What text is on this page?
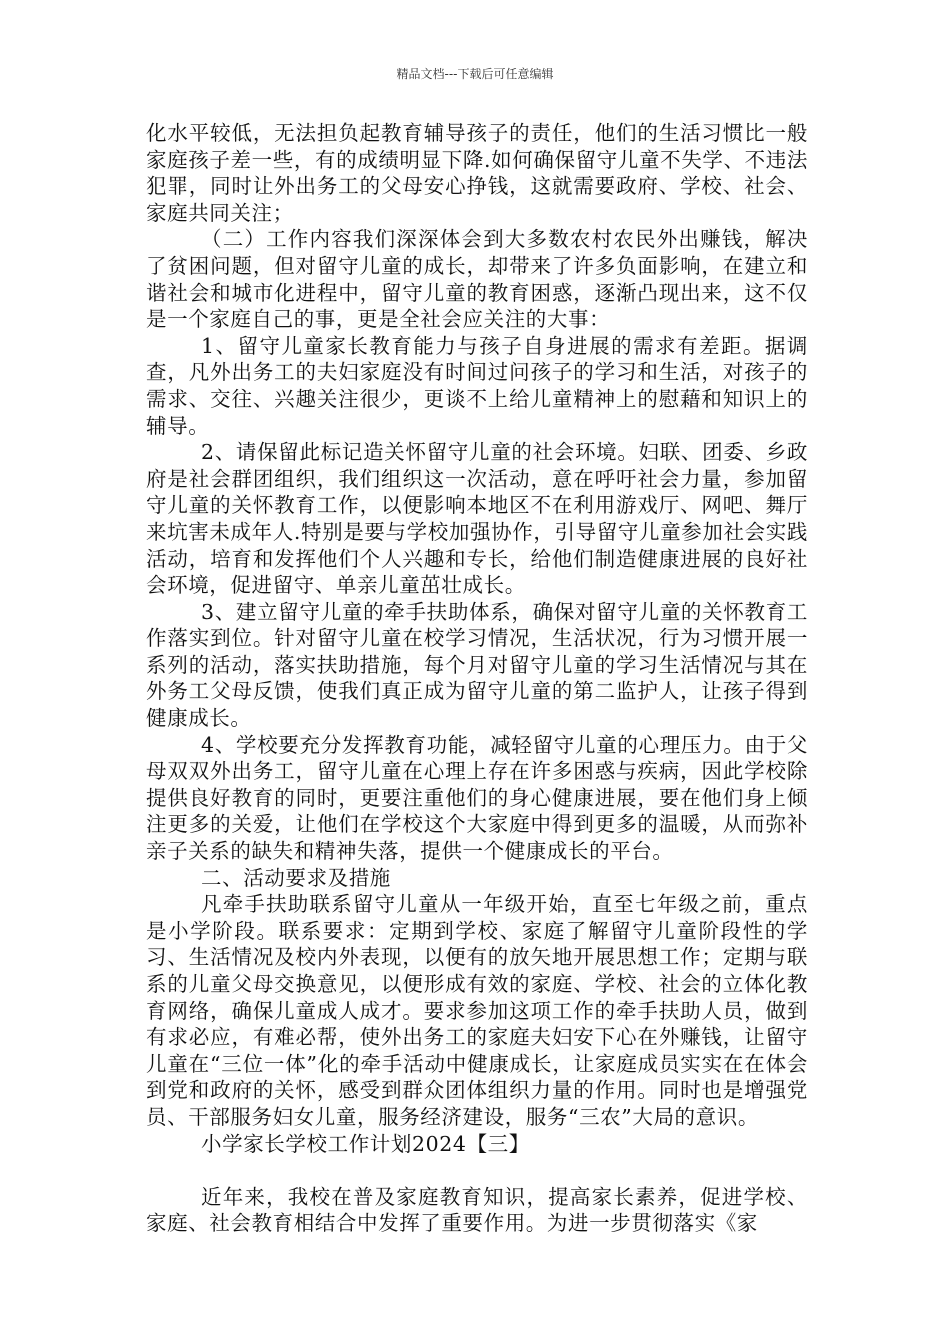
精品文档---下载后可任意编辑

化水平较低，无法担负起教育辅导孩子的责任，他们的生活习惯比一般家庭孩子差一些，有的成绩明显下降.如何确保留守儿童不失学、不违法犯罪，同时让外出务工的父母安心挣钱，这就需要政府、学校、社会、家庭共同关注；

（二）工作内容我们深深体会到大多数农村农民外出赚钱，解决了贫困问题，但对留守儿童的成长，却带来了许多负面影响，在建立和谐社会和城市化进程中，留守儿童的教育困惑，逐渐凸现出来，这不仅是一个家庭自己的事，更是全社会应关注的大事：

1、留守儿童家长教育能力与孩子自身进展的需求有差距。据调查，凡外出务工的夫妇家庭没有时间过问孩子的学习和生活，对孩子的需求、交往、兴趣关注很少，更谈不上给儿童精神上的慰藉和知识上的辅导。

2、请保留此标记造关怀留守儿童的社会环境。妇联、团委、乡政府是社会群团组织，我们组织这一次活动，意在呼吁社会力量，参加留守儿童的关怀教育工作，以便影响本地区不在利用游戏厅、网吧、舞厅来坑害未成年人.特别是要与学校加强协作，引导留守儿童参加社会实践活动，培育和发挥他们个人兴趣和专长，给他们制造健康进展的良好社会环境，促进留守、单亲儿童茁壮成长。

3、建立留守儿童的牵手扶助体系，确保对留守儿童的关怀教育工作落实到位。针对留守儿童在校学习情况，生活状况，行为习惯开展一系列的活动，落实扶助措施，每个月对留守儿童的学习生活情况与其在外务工父母反馈，使我们真正成为留守儿童的第二监护人，让孩子得到健康成长。

4、学校要充分发挥教育功能，减轻留守儿童的心理压力。由于父母双双外出务工，留守儿童在心理上存在许多困惑与疾病，因此学校除提供良好教育的同时，更要注重他们的身心健康进展，要在他们身上倾注更多的关爱，让他们在学校这个大家庭中得到更多的温暖，从而弥补亲子关系的缺失和精神失落，提供一个健康成长的平台。

二、活动要求及措施

凡牵手扶助联系留守儿童从一年级开始，直至七年级之前，重点是小学阶段。联系要求：定期到学校、家庭了解留守儿童阶段性的学习、生活情况及校内外表现，以便有的放矢地开展思想工作；定期与联系的儿童父母交换意见，以便形成有效的家庭、学校、社会的立体化教育网络，确保儿童成人成才。要求参加这项工作的牵手扶助人员，做到有求必应，有难必帮，使外出务工的家庭夫妇安下心在外赚钱，让留守儿童在“三位一体”化的牵手活动中健康成长，让家庭成员实实在在体会到党和政府的关怀，感受到群众团体组织力量的作用。同时也是增强党员、干部服务妇女儿童，服务经济建设，服务“三农”大局的意识。

小学家长学校工作计划2024【三】

近年来，我校在普及家庭教育知识，提高家长素养，促进学校、家庭、社会教育相结合中发挥了重要作用。为进一步贯彻落实《家
